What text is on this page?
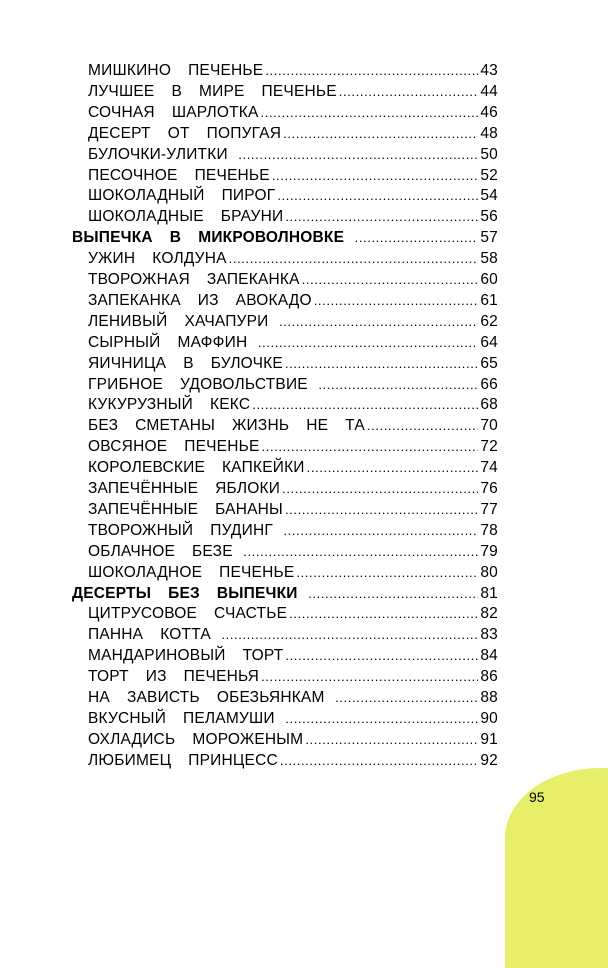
МИШКИНО  ПЕЧЕНЬЕ .....	43
ЛУЧШЕЕ  В  МИРЕ  ПЕЧЕНЬЕ .....	44
СОЧНАЯ  ШАРЛОТКА .....	46
ДЕСЕРТ  ОТ  ПОПУГАЯ .....	48
БУЛОЧКИ-УЛИТКИ .....	50
ПЕСОЧНОЕ  ПЕЧЕНЬЕ .....	52
ШОКОЛАДНЫЙ  ПИРОГ .....	54
ШОКОЛАДНЫЕ  БРАУНИ .....	56
ВЫПЕЧКА  В  МИКРОВОЛНОВКЕ .....	57
УЖИН  КОЛДУНА .....	58
ТВОРОЖНАЯ  ЗАПЕКАНКА .....	60
ЗАПЕКАНКА  ИЗ  АВОКАДО .....	61
ЛЕНИВЫЙ  ХАЧАПУРИ .....	62
СЫРНЫЙ  МАФФИН .....	64
ЯИЧНИЦА  В  БУЛОЧКЕ .....	65
ГРИБНОЕ  УДОВОЛЬСТВИЕ .....	66
КУКУРУЗНЫЙ  КЕКС .....	68
БЕЗ  СМЕТАНЫ  ЖИЗНЬ  НЕ  ТА .....	70
ОВСЯНОЕ  ПЕЧЕНЬЕ .....	72
КОРОЛЕВСКИЕ  КАПКЕЙКИ .....	74
ЗАПЕЧЁННЫЕ  ЯБЛОКИ .....	76
ЗАПЕЧЁННЫЕ  БАНАНЫ .....	77
ТВОРОЖНЫЙ  ПУДИНГ .....	78
ОБЛАЧНОЕ  БЕЗЕ .....	79
ШОКОЛАДНОЕ  ПЕЧЕНЬЕ .....	80
ДЕСЕРТЫ  БЕЗ  ВЫПЕЧКИ .....	81
ЦИТРУСОВОЕ  СЧАСТЬЕ .....	82
ПАННА  КОТТА .....	83
МАНДАРИНОВЫЙ  ТОРТ .....	84
ТОРТ  ИЗ  ПЕЧЕНЬЯ .....	86
НА  ЗАВИСТЬ  ОБЕЗЬЯНКАМ .....	88
ВКУСНЫЙ  ПЕЛАМУШИ .....	90
ОХЛАДИСЬ  МОРОЖЕНЫМ .....	91
ЛЮБИМЕЦ  ПРИНЦЕСС .....	92
95
